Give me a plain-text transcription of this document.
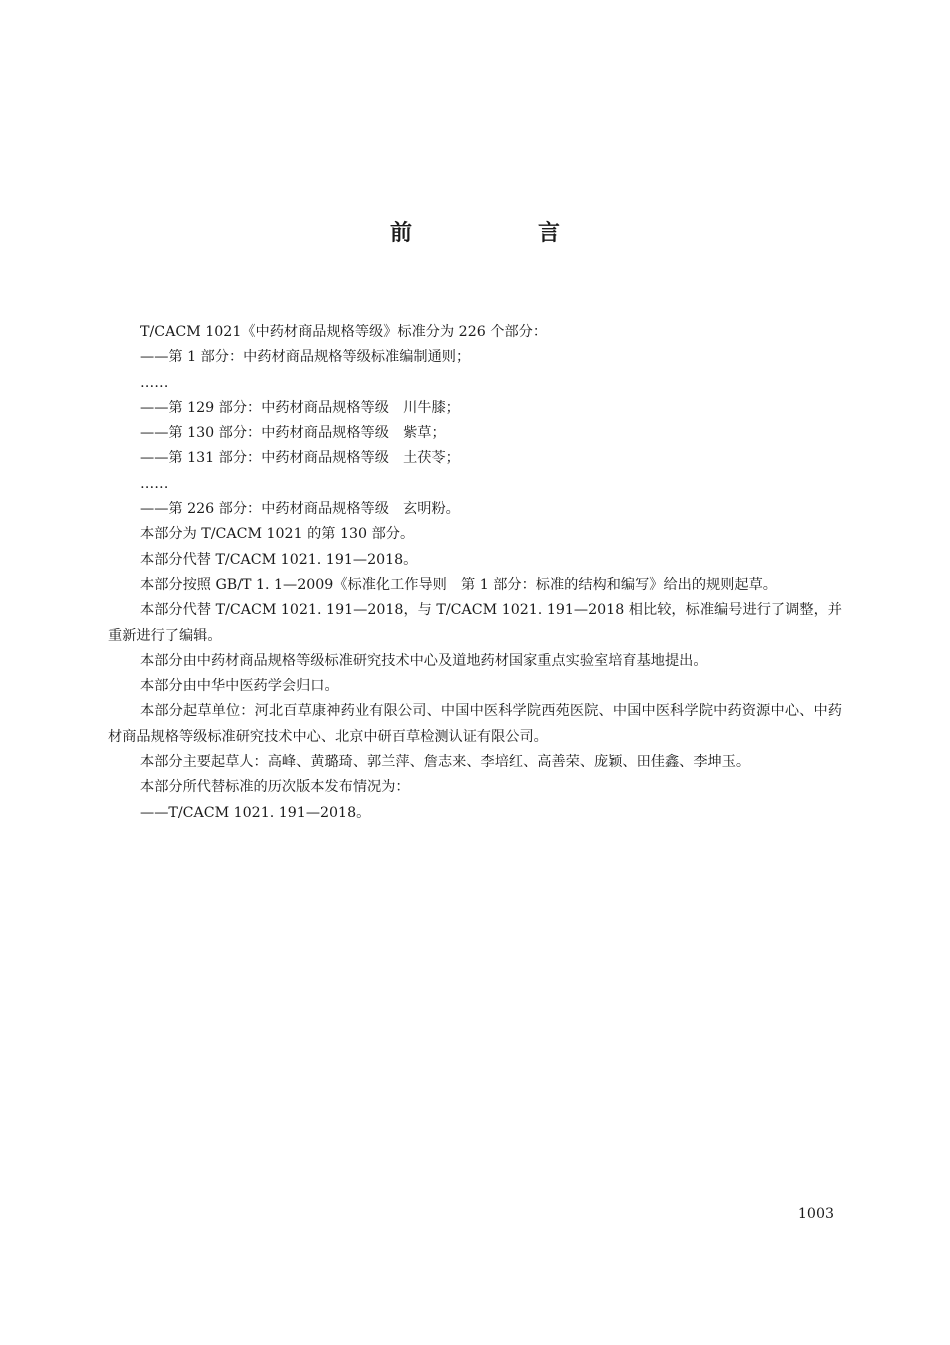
前　言

T/CACM 1021《中药材商品规格等级》标准分为 226 个部分：

——第 1 部分：中药材商品规格等级标准编制通则；

……

——第 129 部分：中药材商品规格等级　川牛膝；

——第 130 部分：中药材商品规格等级　紫草；

——第 131 部分：中药材商品规格等级　土茯苓；

……

——第 226 部分：中药材商品规格等级　玄明粉。

本部分为 T/CACM 1021 的第 130 部分。

本部分代替 T/CACM 1021. 191—2018。

本部分按照 GB/T 1. 1—2009《标准化工作导则　第 1 部分：标准的结构和编写》给出的规则起草。

本部分代替 T/CACM 1021. 191—2018，与 T/CACM 1021. 191—2018 相比较，标准编号进行了调整，并重新进行了编辑。

本部分由中药材商品规格等级标准研究技术中心及道地药材国家重点实验室培育基地提出。

本部分由中华中医药学会归口。

本部分起草单位：河北百草康神药业有限公司、中国中医科学院西苑医院、中国中医科学院中药资源中心、中药材商品规格等级标准研究技术中心、北京中研百草检测认证有限公司。

本部分主要起草人：高峰、黄璐琦、郭兰萍、詹志来、李培红、高善荣、庞颖、田佳鑫、李坤玉。

本部分所代替标准的历次版本发布情况为：

——T/CACM 1021. 191—2018。

1003
